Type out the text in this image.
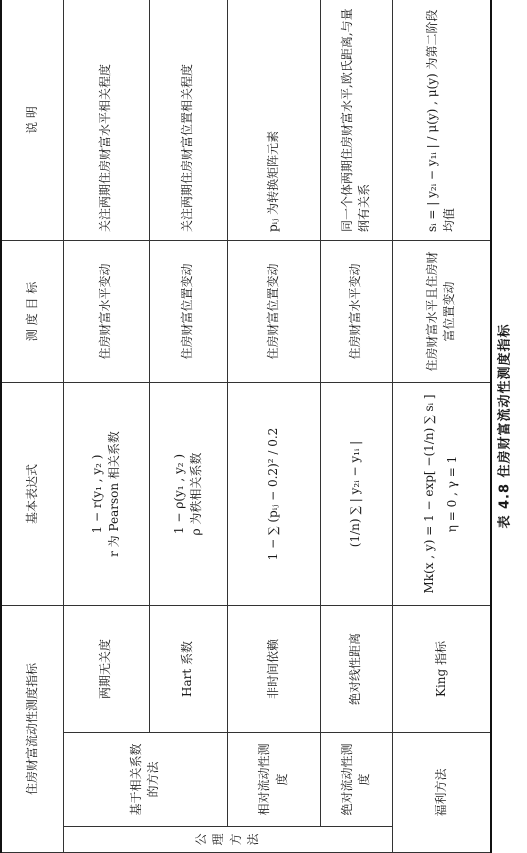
表 4.8 住房财富流动性测度指标
住房财富流动性测度指标			基本表达式	测 度 目 标	说 明
公 理 方 法	基于相关系数的方法	两期无关度	1 − r(y₁ , y₂ ) r 为 Pearson 相关系数	住房财富水平变动	关注两期住房财富水平相关程度
		Hart 系数	1 − ρ(y₁ , y₂ ) ρ 为秩相关系数	住房财富位置变动	关注两期住房财富位置相关程度
	相对流动性测度	非时间依赖	1 − ∑ (pᵢⱼ − 0.2)² / 0.2	住房财富位置变动	pᵢⱼ 为转换矩阵元素
	绝对流动性测度	绝对线性距离	(1/n) ∑ | y₂ᵢ − y₁ᵢ |	住房财富水平变动	同一个体两期住房财富水平,欧氏距离,与量纲有关系
福利方法		King 指标	Mk(x , y) = 1 − exp[ −(1/n) ∑ sᵢ ] η = 0 , γ = 1	住房财富水平且住房财富位置变动	sᵢ = | y₂ᵢ − y₁ᵢ | / μ(y) , μ(y) 为第二阶段均值
